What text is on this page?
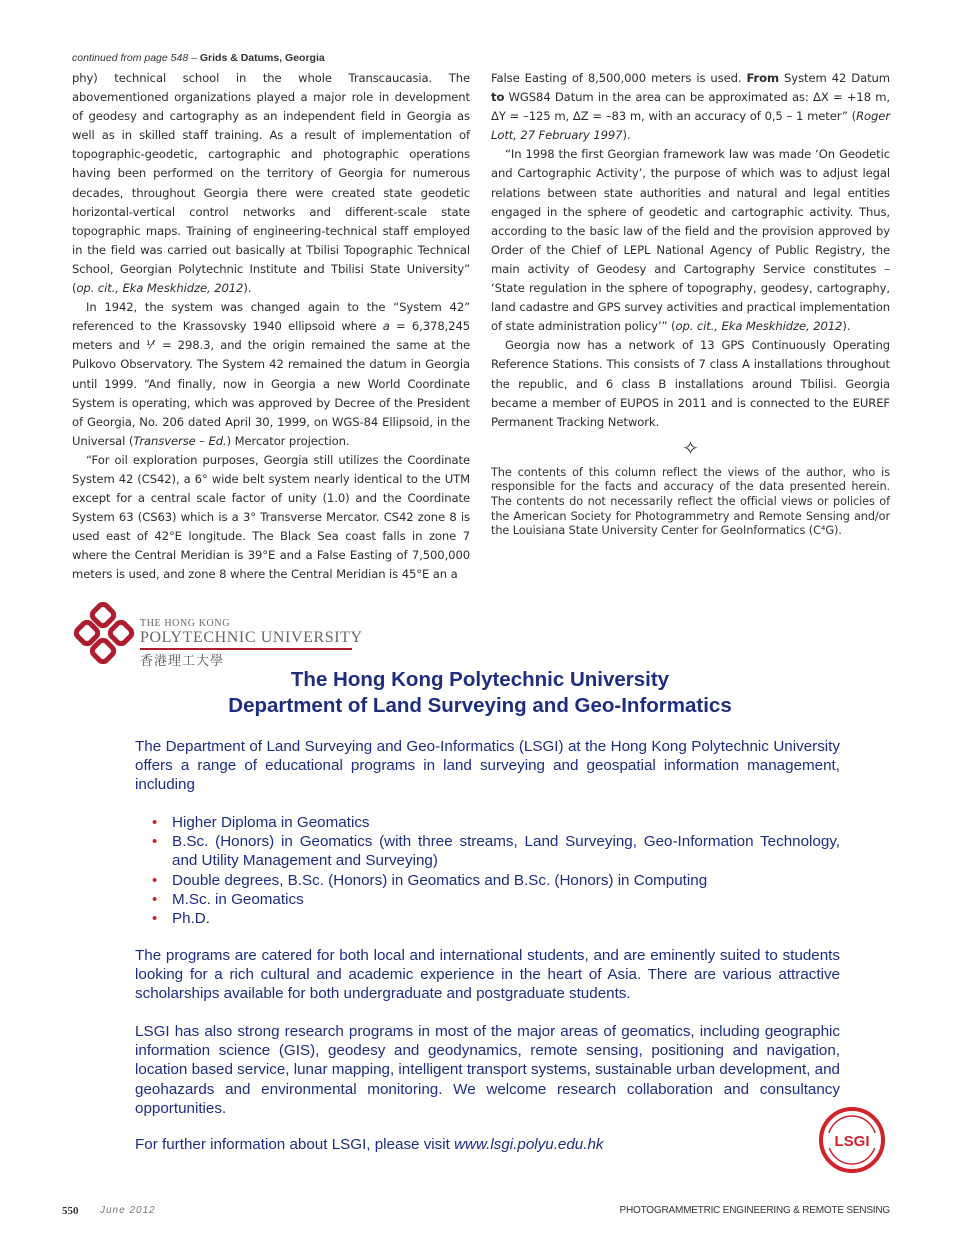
continued from page 548 – Grids & Datums, Georgia

phy) technical school in the whole Transcaucasia. The abovementioned organizations played a major role in development of geodesy and cartography as an independent field in Georgia as well as in skilled staff training. As a result of implementation of topographic-geodetic, cartographic and photographic operations having been performed on the territory of Georgia for numerous decades, throughout Georgia there were created state geodetic horizontal-vertical control networks and different-scale state topographic maps. Training of engineering-technical staff employed in the field was carried out basically at Tbilisi Topographic Technical School, Georgian Polytechnic Institute and Tbilisi State University” (op. cit., Eka Meskhidze, 2012).

In 1942, the system was changed again to the “System 42” referenced to the Krassovsky 1940 ellipsoid where a = 6,378,245 meters and ¹⁄ᶠ = 298.3, and the origin remained the same at the Pulkovo Observatory. The System 42 remained the datum in Georgia until 1999. “And finally, now in Georgia a new World Coordinate System is operating, which was approved by Decree of the President of Georgia, No. 206 dated April 30, 1999, on WGS-84 Ellipsoid, in the Universal (Transverse – Ed.) Mercator projection.

“For oil exploration purposes, Georgia still utilizes the Coordinate System 42 (CS42), a 6° wide belt system nearly identical to the UTM except for a central scale factor of unity (1.0) and the Coordinate System 63 (CS63) which is a 3° Transverse Mercator. CS42 zone 8 is used east of 42°E longitude. The Black Sea coast falls in zone 7 where the Central Meridian is 39°E and a False Easting of 7,500,000 meters is used, and zone 8 where the Central Meridian is 45°E an a

False Easting of 8,500,000 meters is used. From System 42 Datum to WGS84 Datum in the area can be approximated as: ΔX = +18 m, ΔY = –125 m, ΔZ = –83 m, with an accuracy of 0,5 – 1 meter” (Roger Lott, 27 February 1997).

“In 1998 the first Georgian framework law was made ‘On Geodetic and Cartographic Activity’, the purpose of which was to adjust legal relations between state authorities and natural and legal entities engaged in the sphere of geodetic and cartographic activity. Thus, according to the basic law of the field and the provision approved by Order of the Chief of LEPL National Agency of Public Registry, the main activity of Geodesy and Cartography Service constitutes – ‘State regulation in the sphere of topography, geodesy, cartography, land cadastre and GPS survey activities and practical implementation of state administration policy’” (op. cit., Eka Meskhidze, 2012).

Georgia now has a network of 13 GPS Continuously Operating Reference Stations. This consists of 7 class A installations throughout the republic, and 6 class B installations around Tbilisi. Georgia became a member of EUPOS in 2011 and is connected to the EUREF Permanent Tracking Network.

✧
The contents of this column reflect the views of the author, who is responsible for the facts and accuracy of the data presented herein. The contents do not necessarily reflect the official views or policies of the American Society for Photogrammetry and Remote Sensing and/or the Louisiana State University Center for GeoInformatics (C⁴G).
THE HONG KONG
POLYTECHNIC UNIVERSITY
香港理工大學
The Hong Kong Polytechnic University
Department of Land Surveying and Geo-Informatics

The Department of Land Surveying and Geo-Informatics (LSGI) at the Hong Kong Polytechnic University offers a range of educational programs in land surveying and geospatial information management, including

• Higher Diploma in Geomatics
• B.Sc. (Honors) in Geomatics (with three streams, Land Surveying, Geo-Information Technology, and Utility Management and Surveying)
• Double degrees, B.Sc. (Honors) in Geomatics and B.Sc. (Honors) in Computing
• M.Sc. in Geomatics
• Ph.D.

The programs are catered for both local and international students, and are eminently suited to students looking for a rich cultural and academic experience in the heart of Asia. There are various attractive scholarships available for both undergraduate and postgraduate students.

LSGI has also strong research programs in most of the major areas of geomatics, including geographic information science (GIS), geodesy and geodynamics, remote sensing, positioning and navigation, location based service, lunar mapping, intelligent transport systems, sustainable urban development, and geohazards and environmental monitoring. We welcome research collaboration and consultancy opportunities.

For further information about LSGI, please visit www.lsgi.polyu.edu.hk	LSGI
550 June 2012	PHOTOGRAMMETRIC ENGINEERING & REMOTE SENSING
